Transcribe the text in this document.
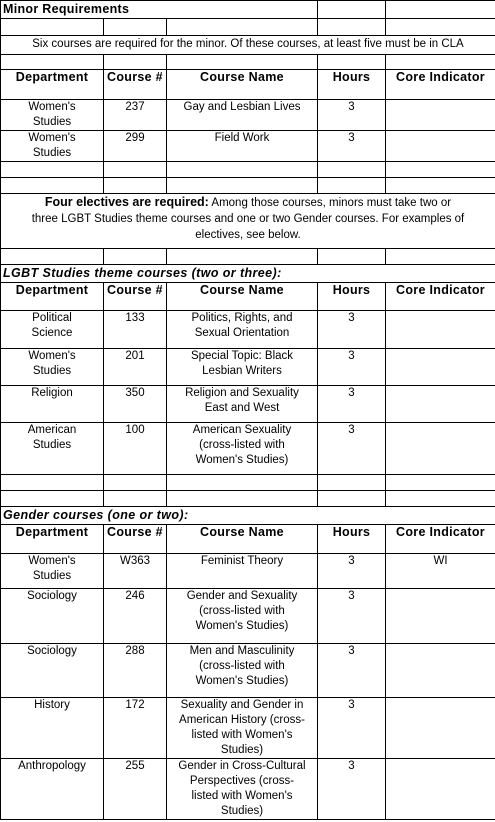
Minor Requirements				

Six courses are required for the minor. Of these courses, at least five must be in CLA				

Department	Course #	Course Name	Hours	Core Indicator

Women's
Studies	237	Gay and Lesbian Lives	3	

Women's
Studies	299	Field Work	3	

Four electives are required: Among those courses, minors must take two or
three LGBT Studies theme courses and one or two Gender courses. For examples of
electives, see below.				

LGBT Studies theme courses (two or three):				
Department	Course #	Course Name	Hours	Core Indicator

Political
Science	133	Politics, Rights, and
Sexual Orientation	3	

Women's
Studies	201	Special Topic: Black
Lesbian Writers	3	

Religion	350	Religion and Sexuality
East and West	3	

American
Studies	100	American Sexuality
(cross-listed with
Women's Studies)	3	

Gender courses (one or two):				
Department	Course #	Course Name	Hours	Core Indicator

Women's
Studies	W363	Feminist Theory	3	WI

Sociology	246	Gender and Sexuality
(cross-listed with
Women's Studies)	3	

Sociology	288	Men and Masculinity
(cross-listed with
Women's Studies)	3	

History	172	Sexuality and Gender in
American History (cross-
listed with Women's
Studies)	3	

Anthropology	255	Gender in Cross-Cultural
Perspectives (cross-
listed with Women's
Studies)	3	
